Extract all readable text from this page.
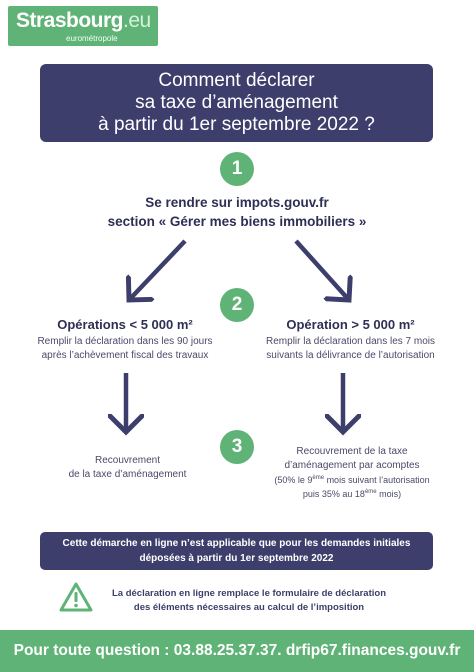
Strasbourg.eu
eurométropole
Comment déclarer
sa taxe d’aménagement
à partir du 1er septembre 2022 ?
1
Se rendre sur impots.gouv.fr
section « Gérer mes biens immobiliers »
2
Opérations < 5 000 m²
Remplir la déclaration dans les 90 jours
après l’achèvement fiscal des travaux
Opération > 5 000 m²
Remplir la déclaration dans les 7 mois
suivants la délivrance de l’autorisation
3
Recouvrement
de la taxe d’aménagement
Recouvrement de la taxe
d’aménagement par acomptes
(50% le 9ème mois suivant l’autorisation
puis 35% au 18ème mois)
Cette démarche en ligne n’est applicable que pour les demandes initiales
déposées à partir du 1er septembre 2022
La déclaration en ligne remplace le formulaire de déclaration
des éléments nécessaires au calcul de l’imposition
Pour toute question : 03.88.25.37.37. drfip67.finances.gouv.fr
